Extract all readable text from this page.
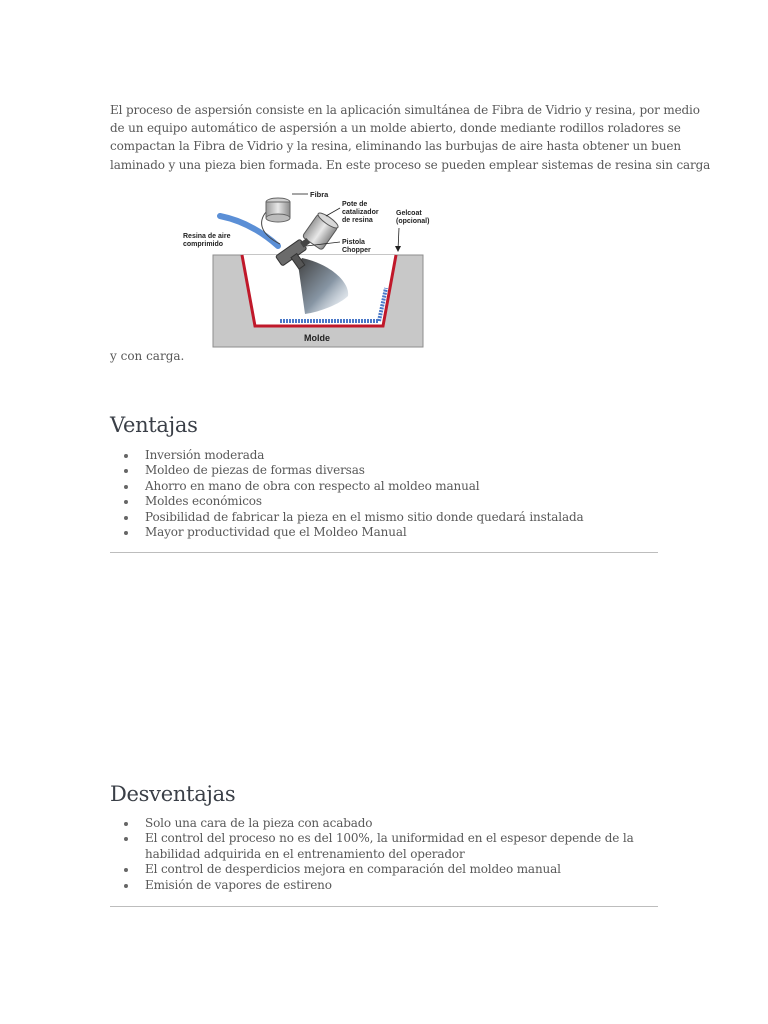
El proceso de aspersión consiste en la aplicación simultánea de Fibra de Vidrio y resina, por medio
de un equipo automático de aspersión a un molde abierto, donde mediante rodillos roladores se
compactan la Fibra de Vidrio y la resina, eliminando las burbujas de aire hasta obtener un buen
laminado y una pieza bien formada. En este proceso se pueden emplear sistemas de resina sin carga
Fibra
Pote de
catalizador
de resina
Gelcoat
(opcional)
Resina de aire
comprimido	Pistola
Chopper
Molde
y con carga.
Ventajas
Inversión moderada
Moldeo de piezas de formas diversas
Ahorro en mano de obra con respecto al moldeo manual
Moldes económicos
Posibilidad de fabricar la pieza en el mismo sitio donde quedará instalada
Mayor productividad que el Moldeo Manual
Desventajas
Solo una cara de la pieza con acabado
El control del proceso no es del 100%, la uniformidad en el espesor depende de la habilidad adquirida en el entrenamiento del operador
El control de desperdicios mejora en comparación del moldeo manual
Emisión de vapores de estireno
